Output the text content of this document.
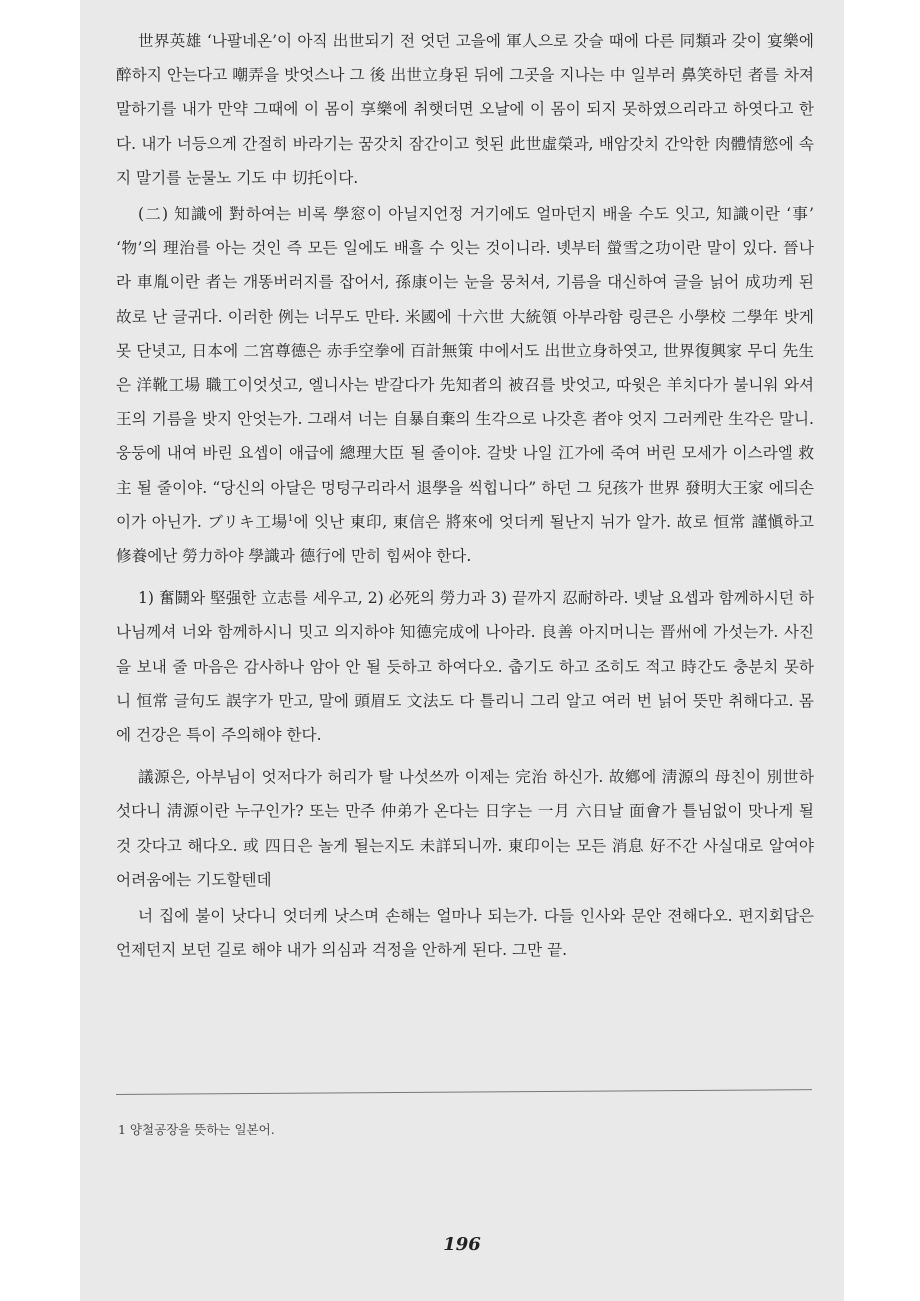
世界英雄 ‘나팔네온’이 아직 出世되기 전 엇던 고을에 軍人으로 갓슬 때에 다른 同類과 갖이 宴樂에 醉하지 안는다고 嘲弄을 밧엇스나 그 後 出世立身된 뒤에 그곳을 지나는 中 일부러 鼻笑하던 者를 차져 말하기를 내가 만약 그때에 이 몸이 享樂에 취햇더면 오날에 이 몸이 되지 못하였으리라고 하엿다고 한다. 내가 너등으게 간절히 바라기는 꿈갓치 잠간이고 헛된 此世虛榮과, 배암갓치 간악한 肉體情慾에 속지 말기를 눈물노 기도 中 切托이다.

(二) 知識에 對하여는 비록 學窓이 아닐지언정 거기에도 얼마던지 배울 수도 잇고, 知識이란 ‘事’ ‘物’의 理治를 아는 것인 즉 모든 일에도 배흘 수 잇는 것이니라. 녯부터 螢雪之功이란 말이 있다. 晉나라 車胤이란 者는 개똥버러지를 잡어서, 孫康이는 눈을 뭉처셔, 기름을 대신하여 글을 닑어 成功케 된 故로 난 글귀다. 이러한 例는 너무도 만타. 米國에 十六世 大統領 아부라함 링큰은 小學校 二學年 밧게 못 단녓고, 日本에 二宮尊德은 赤手空拳에 百計無策 中에서도 出世立身하엿고, 世界復興家 무디 先生은 洋靴工場 職工이엇섯고, 엘니사는 받갈다가 先知者의 被召를 밧엇고, 따윗은 羊치다가 불니워 와셔 王의 기름을 밧지 안엇는가. 그래셔 너는 自暴自棄의 生각으로 나갓흔 者야 엇지 그러케란 生각은 말니. 웅둥에 내여 바린 요셉이 애급에 總理大臣 될 줄이야. 갈밧 나일 江가에 죽여 버린 모세가 이스라엘 救主 될 줄이야. “당신의 아달은 멍텅구리라서 退學을 씩힙니다” 하던 그 兒孩가 世界 發明大王家 에듸손이가 아닌가. ブリキ工場$^1$에 잇난 東印, 東信은 將來에 엇더케 될난지 뉘가 알가. 故로 恒常 謹愼하고 修養에난 勞力하야 學識과 德行에 만히 힘써야 한다.

1) 奮鬪와 堅强한 立志를 세우고, 2) 必死의 勞力과 3) 끝까지 忍耐하라. 녯날 요셉과 함께하시던 하나님께셔 너와 함께하시니 밋고 의지하야 知德完成에 나아라. 良善 아지머니는 晋州에 가섯는가. 사진을 보내 줄 마음은 감사하나 암아 안 될 듯하고 하여다오. 춥기도 하고 조히도 적고 時간도 충분치 못하니 恒常 글句도 誤字가 만고, 말에 頭眉도 文法도 다 틀리니 그리 알고 여러 번 닑어 뜻만 취해다고. 몸에 건강은 특이 주의해야 한다.

議源은, 아부님이 엇저다가 허리가 탈 나섯쓰까 이제는 完治 하신가. 故鄕에 淸源의 母친이 別世하섯다니 淸源이란 누구인가? 또는 만주 仲弟가 온다는 日字는 一月 六日날 面會가 틀님없이 맛나게 될 것 갓다고 해다오. 或 四日은 놀게 될는지도 未詳되니까. 東印이는 모든 消息 好不간 사실대로 알여야 어려움에는 기도할텐데

너 집에 불이 낫다니 엇더케 낫스며 손해는 얼마나 되는가. 다들 인사와 문안 젼해다오. 편지회답은 언제던지 보던 길로 해야 내가 의심과 걱정을 안하게 된다. 그만 끝.

1 양철공장을 뜻하는 일본어.

196
